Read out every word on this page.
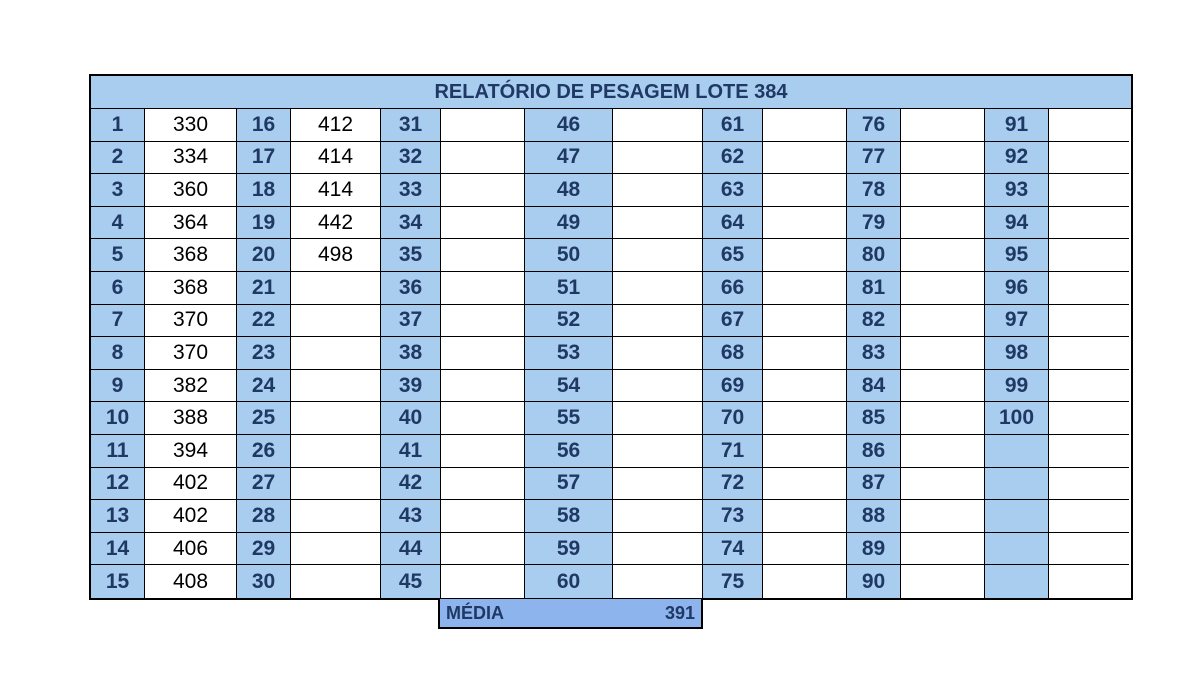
RELATÓRIO DE PESAGEM LOTE 384
1
2
3
4
5
6
7
8
9
10
11
12
13
14
15
330
334
360
364
368
368
370
370
382
388
394
402
402
406
408
16
17
18
19
20
21
22
23
24
25
26
27
28
29
30
412
414
414
442
498
31
32
33
34
35
36
37
38
39
40
41
42
43
44
45
46
47
48
49
50
51
52
53
54
55
56
57
58
59
60
61
62
63
64
65
66
67
68
69
70
71
72
73
74
75
76
77
78
79
80
81
82
83
84
85
86
87
88
89
90
91
92
93
94
95
96
97
98
99
100
MÉDIA	391
